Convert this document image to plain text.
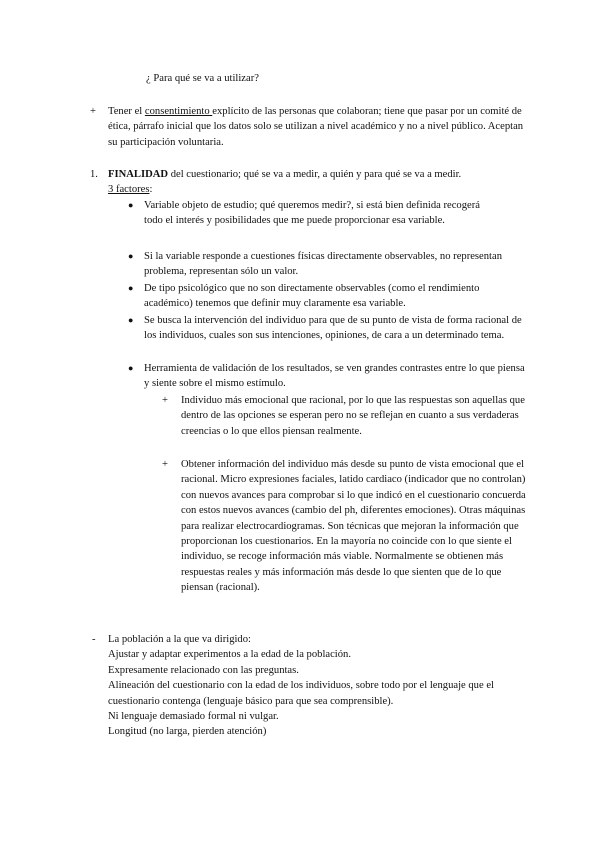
¿ Para qué se va a utilizar?

+ Tener el consentimiento explícito de las personas que colaboran; tiene que pasar por un comité de ética, párrafo inicial que los datos solo se utilizan a nivel académico y no a nivel público. Aceptan su participación voluntaria.

1. FINALIDAD del cuestionario; qué se va a medir, a quién y para qué se va a medir.

3 factores:

● Variable objeto de estudio; qué queremos medir?, si está bien definida recogerá todo el interés y posibilidades que me puede proporcionar esa variable.

● Si la variable responde a cuestiones físicas directamente observables, no representan problema, representan sólo un valor.

● De tipo psicológico que no son directamente observables (como el rendimiento académico) tenemos que definir muy claramente esa variable.

● Se busca la intervención del individuo para que de su punto de vista de forma racional de los individuos, cuales son sus intenciones, opiniones, de cara a un determinado tema.

● Herramienta de validación de los resultados, se ven grandes contrastes entre lo que piensa y siente sobre el mismo estímulo.

+ Individuo más emocional que racional, por lo que las respuestas son aquellas que dentro de las opciones se esperan pero no se reflejan en cuanto a sus verdaderas creencias o lo que ellos piensan realmente.

+ Obtener información del individuo más desde su punto de vista emocional que el racional. Micro expresiones faciales, latido cardiaco (indicador que no controlan) con nuevos avances para comprobar si lo que indicó en el cuestionario concuerda con estos nuevos avances (cambio del ph, diferentes emociones). Otras máquinas para realizar electrocardiogramas. Son técnicas que mejoran la información que proporcionan los cuestionarios. En la mayoría no coincide con lo que siente el individuo, se recoge información más viable. Normalmente se obtienen más respuestas reales y más información más desde lo que sienten que de lo que piensan (racional).

- La población a la que va dirigido:

Ajustar y adaptar experimentos a la edad de la población.

Expresamente relacionado con las preguntas.

Alineación del cuestionario con la edad de los individuos, sobre todo por el lenguaje que el cuestionario contenga (lenguaje básico para que sea comprensible).

Ni lenguaje demasiado formal ni vulgar.

Longitud (no larga, pierden atención)
